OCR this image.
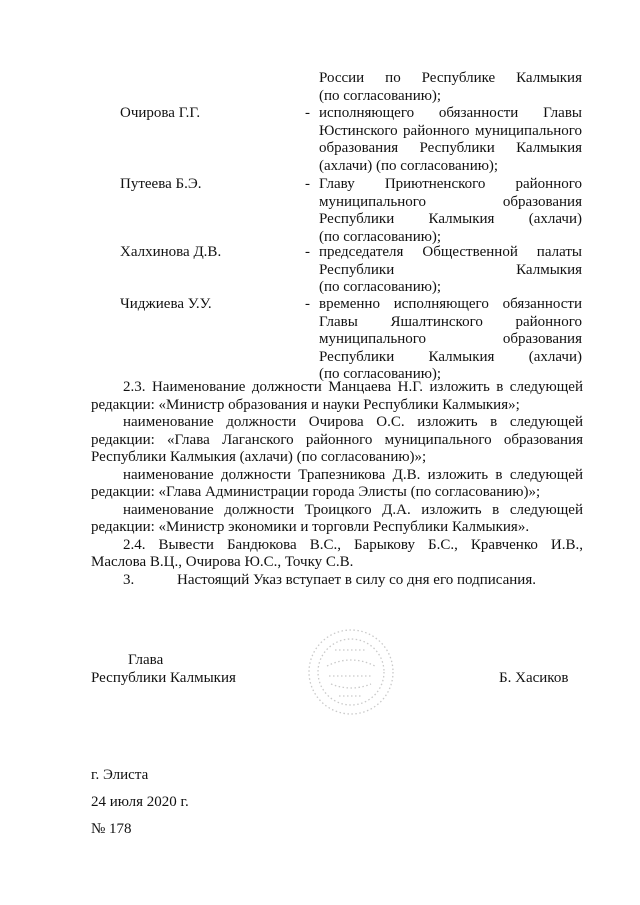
России по Республике Калмыкия
(по согласованию);
Очирова Г.Г.	- исполняющего обязанности Главы
Юстинского районного муниципального
образования Республики Калмыкия
(ахлачи) (по согласованию);
Путеева Б.Э.	- Главу Приютненского районного
муниципального образования
Республики Калмыкия (ахлачи)
(по согласованию);
Халхинова Д.В.	- председателя Общественной палаты
Республики Калмыкия
(по согласованию);
Чиджиева У.У.	- временно исполняющего обязанности
Главы Яшалтинского районного
муниципального образования
Республики Калмыкия (ахлачи)
(по согласованию);
2.3. Наименование должности Манцаева Н.Г. изложить в следующей
редакции: «Министр образования и науки Республики Калмыкия»;
наименование должности Очирова О.С. изложить в следующей
редакции: «Глава Лаганского районного муниципального образования
Республики Калмыкия (ахлачи) (по согласованию)»;
наименование должности Трапезникова Д.В. изложить в следующей
редакции: «Глава Администрации города Элисты (по согласованию)»;
наименование должности Троицкого Д.А. изложить в следующей
редакции: «Министр экономики и торговли Республики Калмыкия».
2.4. Вывести Бандюкова В.С., Барыкову Б.С., Кравченко И.В.,
Маслова В.Ц., Очирова Ю.С., Точку С.В.
3.	Настоящий Указ вступает в силу со дня его подписания.
Глава
Республики Калмыкия	Б. Хасиков
г. Элиста
24 июля 2020 г.
№ 178
